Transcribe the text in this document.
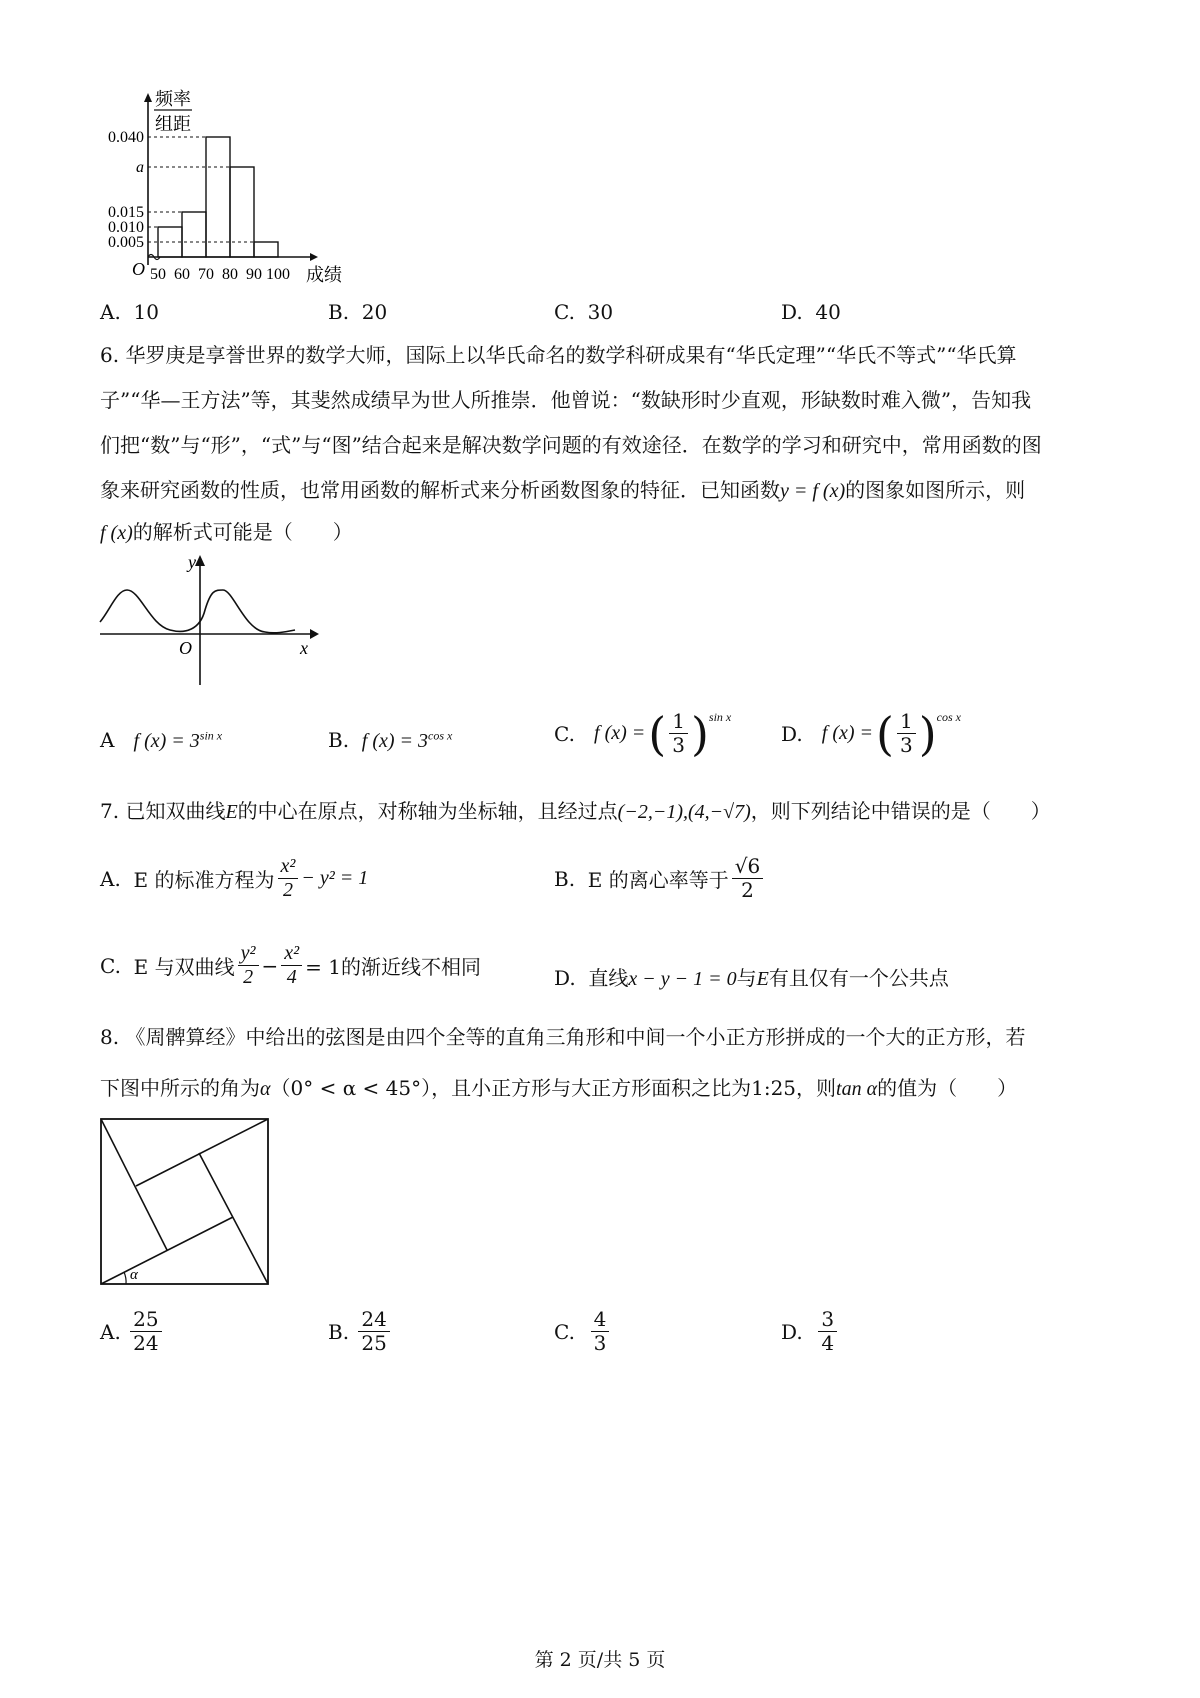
0.040
a
0.015
0.010
0.005
50 60 70 80 90 100 成绩
O
频率
组距
A. 10	B. 20	C. 30	D. 40
6. 华罗庚是享誉世界的数学大师，国际上以华氏命名的数学科研成果有“华氏定理”“华氏不等式”“华氏算
子”“华—王方法”等，其斐然成绩早为世人所推崇．他曾说：“数缺形时少直观，形缺数时难入微”，告知我
们把“数”与“形”，“式”与“图”结合起来是解决数学问题的有效途径．在数学的学习和研究中，常用函数的图
象来研究函数的性质，也常用函数的解析式来分析函数图象的特征．已知函数y = f (x)的图象如图所示，则
f (x)的解析式可能是（　　）
y
x
O
A f $(x) = 3^{sin x}$	B. f $(x) = 3^{cos x}$	C.
f (x) = ( $\frac{1}{3} )^{sin x}$
D.
f (x) = ( $\frac{1}{3} )^{cos x}$
7. 已知双曲线E的中心在原点，对称轴为坐标轴，且经过点(−2,−1),(4,−√7)，则下列结论中错误的是（　　）
A.
E 的标准方程为 $\frac{\text{x²}}{2} - y^2 = 1$	B.
E 的离心率等于 $\frac{√6}{2}$
C.
E 与双曲线 $\frac{\text{y²}}{2} - \frac{\text{x²}}{4} = 1$的渐近线不相同	D. 直线x − y − 1 = 0与E有且仅有一个公共点
8. 《周髀算经》中给出的弦图是由四个全等的直角三角形和中间一个小正方形拼成的一个大的正方形，若
下图中所示的角为α（0° < α < 45°），且小正方形与大正方形面积之比为1:25，则tan α的值为（　　）
α
A.
$\frac{25}{24}$	B.
$\frac{24}{25}$	C.
$\frac{4}{3}$	D.
$\frac{3}{4}$
第 2 页/共 5 页
